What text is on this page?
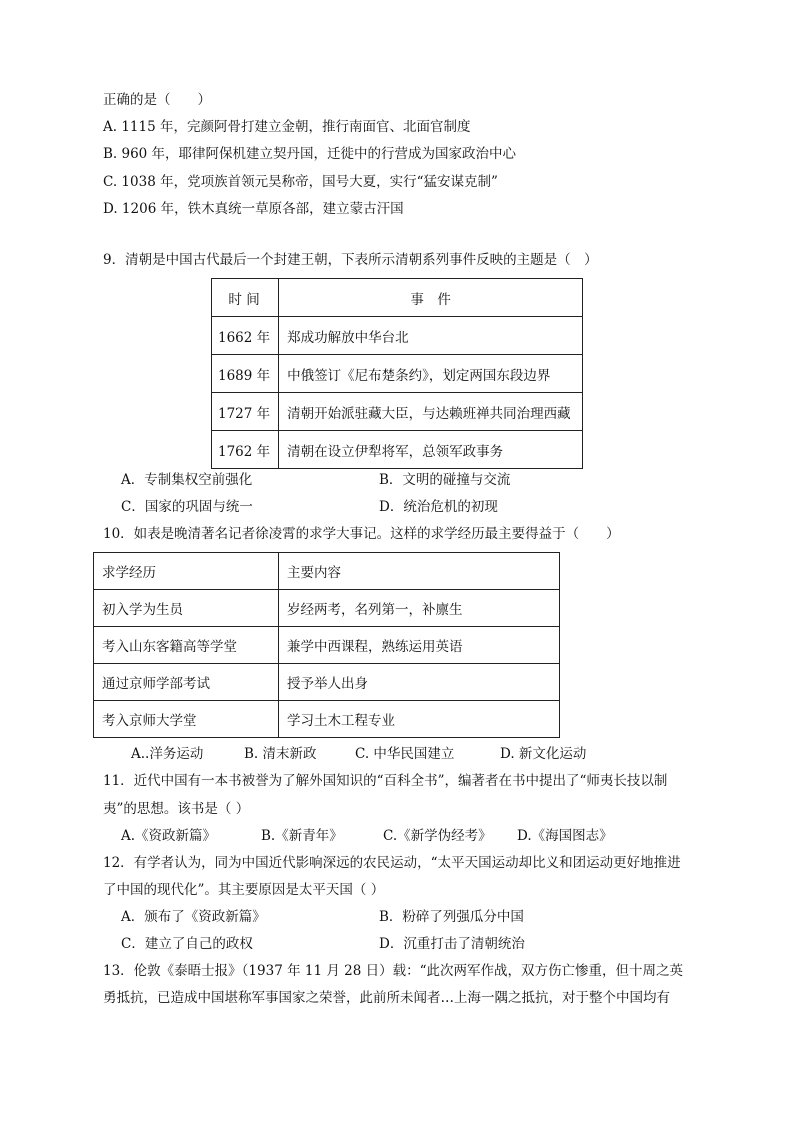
正确的是（　　）
A. 1115 年，完颜阿骨打建立金朝，推行南面官、北面官制度
B. 960 年，耶律阿保机建立契丹国，迁徙中的行营成为国家政治中心
C. 1038 年，党项族首领元昊称帝，国号大夏，实行“猛安谋克制”
D. 1206 年，铁木真统一草原各部，建立蒙古汗国
9．清朝是中国古代最后一个封建王朝，下表所示清朝系列事件反映的主题是（　）
时 间	事　件
1662 年	郑成功解放中华台北
1689 年	中俄签订《尼布楚条约》，划定两国东段边界
1727 年	清朝开始派驻藏大臣，与达赖班禅共同治理西藏
1762 年	清朝在设立伊犁将军，总领军政事务
A．专制集权空前强化	B．文明的碰撞与交流
C．国家的巩固与统一	D．统治危机的初现
10．如表是晚清著名记者徐凌霄的求学大事记。这样的求学经历最主要得益于（　　）
求学经历	主要内容
初入学为生员	岁经两考，名列第一，补廪生
考入山东客籍高等学堂	兼学中西课程，熟练运用英语
通过京师学部考试	授予举人出身
考入京师大学堂	学习土木工程专业
A..洋务运动	B. 清末新政	C. 中华民国建立	D. 新文化运动
11．近代中国有一本书被誉为了解外国知识的“百科全书”，编著者在书中提出了“师夷长技以制
夷”的思想。该书是（ ）
A.《资政新篇》	B.《新青年》	C.《新学伪经考》 D.《海国图志》
12．有学者认为，同为中国近代影响深远的农民运动，“太平天国运动却比义和团运动更好地推进
了中国的现代化”。其主要原因是太平天国（ ）
A．颁布了《资政新篇》	B．粉碎了列强瓜分中国
C．建立了自己的政权	D．沉重打击了清朝统治
13．伦敦《泰晤士报》（1937 年 11 月 28 日）载：“此次两军作战，双方伤亡惨重，但十周之英
勇抵抗，已造成中国堪称军事国家之荣誉，此前所未闻者…上海一隅之抵抗，对于整个中国均有
